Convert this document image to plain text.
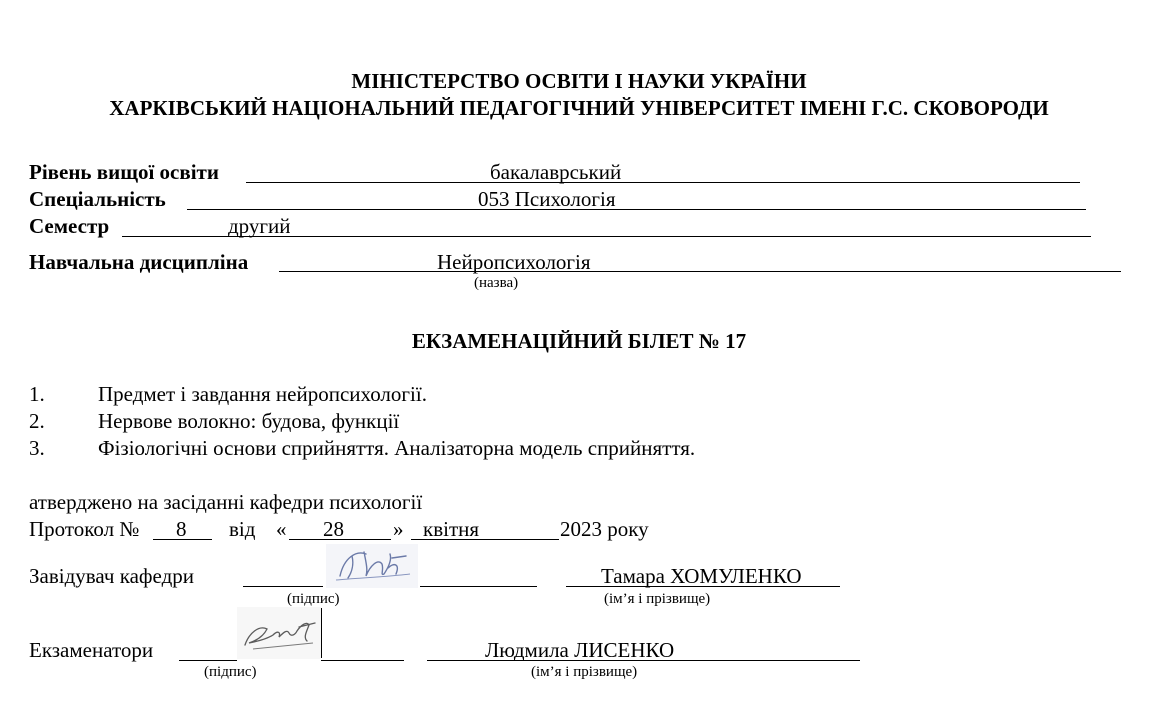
МІНІСТЕРСТВО ОСВІТИ І НАУКИ УКРАЇНИ
ХАРКІВСЬКИЙ НАЦІОНАЛЬНИЙ ПЕДАГОГІЧНИЙ УНІВЕРСИТЕТ ІМЕНІ Г.С. СКОВОРОДИ
Рівень вищої освіти	бакалаврський
Спеціальність	053 Психологія
Семестр	другий
Навчальна дисципліна	Нейропсихологія
(назва)
ЕКЗАМЕНАЦІЙНИЙ БІЛЕТ № 17
1.	Предмет і завдання нейропсихології.
2.	Нервове волокно: будова, функції
3.	Фізіологічні основи сприйняття. Аналізаторна модель сприйняття.
атверджено на засіданні кафедри психології
Протокол № 8 від « 28 » квітня	2023 року
Завідувач кафедри	Тамара ХОМУЛЕНКО
(підпис)	(ім’я і прізвище)
Екзаменатори	Людмила ЛИСЕНКО
(підпис)	(ім’я і прізвище)
